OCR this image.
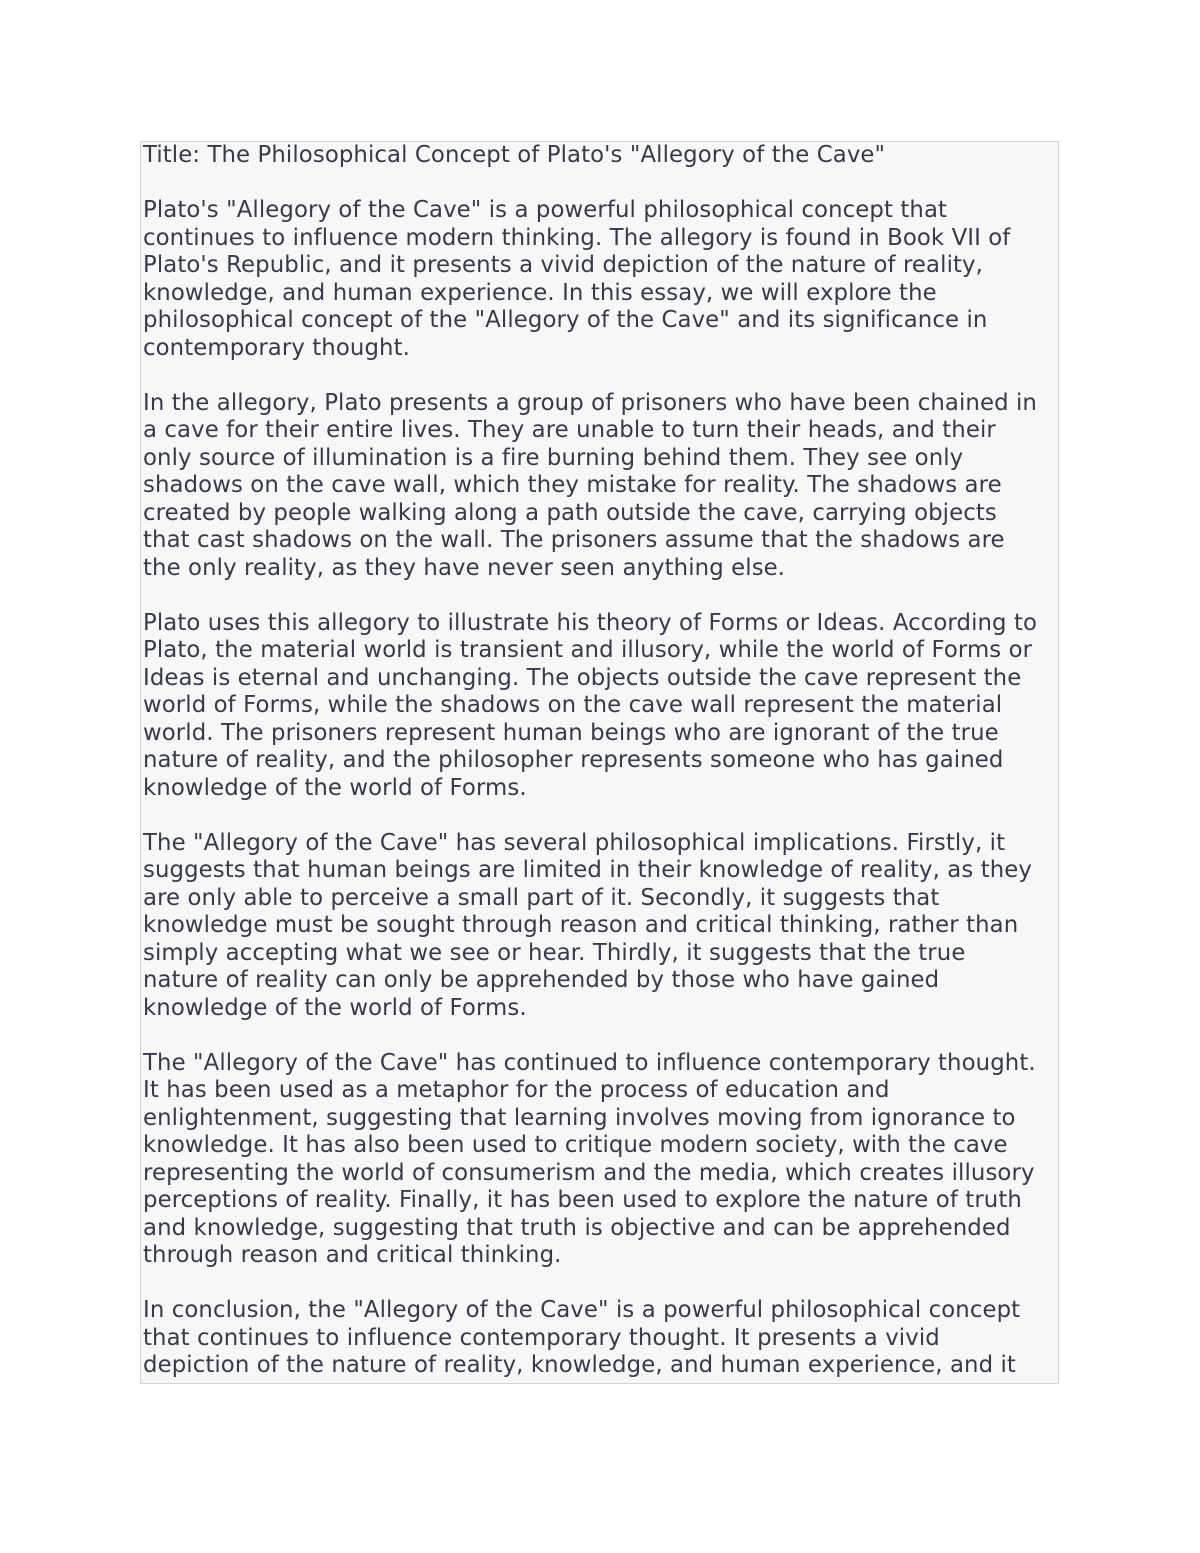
Title: The Philosophical Concept of Plato's "Allegory of the Cave"
Plato's "Allegory of the Cave" is a powerful philosophical concept that
continues to influence modern thinking. The allegory is found in Book VII of
Plato's Republic, and it presents a vivid depiction of the nature of reality,
knowledge, and human experience. In this essay, we will explore the
philosophical concept of the "Allegory of the Cave" and its significance in
contemporary thought.
In the allegory, Plato presents a group of prisoners who have been chained in
a cave for their entire lives. They are unable to turn their heads, and their
only source of illumination is a fire burning behind them. They see only
shadows on the cave wall, which they mistake for reality. The shadows are
created by people walking along a path outside the cave, carrying objects
that cast shadows on the wall. The prisoners assume that the shadows are
the only reality, as they have never seen anything else.
Plato uses this allegory to illustrate his theory of Forms or Ideas. According to
Plato, the material world is transient and illusory, while the world of Forms or
Ideas is eternal and unchanging. The objects outside the cave represent the
world of Forms, while the shadows on the cave wall represent the material
world. The prisoners represent human beings who are ignorant of the true
nature of reality, and the philosopher represents someone who has gained
knowledge of the world of Forms.
The "Allegory of the Cave" has several philosophical implications. Firstly, it
suggests that human beings are limited in their knowledge of reality, as they
are only able to perceive a small part of it. Secondly, it suggests that
knowledge must be sought through reason and critical thinking, rather than
simply accepting what we see or hear. Thirdly, it suggests that the true
nature of reality can only be apprehended by those who have gained
knowledge of the world of Forms.
The "Allegory of the Cave" has continued to influence contemporary thought.
It has been used as a metaphor for the process of education and
enlightenment, suggesting that learning involves moving from ignorance to
knowledge. It has also been used to critique modern society, with the cave
representing the world of consumerism and the media, which creates illusory
perceptions of reality. Finally, it has been used to explore the nature of truth
and knowledge, suggesting that truth is objective and can be apprehended
through reason and critical thinking.
In conclusion, the "Allegory of the Cave" is a powerful philosophical concept
that continues to influence contemporary thought. It presents a vivid
depiction of the nature of reality, knowledge, and human experience, and it
